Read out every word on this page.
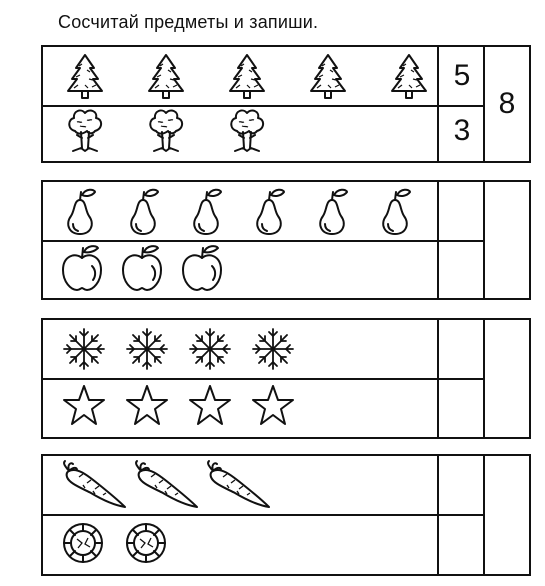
Сосчитай предметы и запиши.
5
3
8
